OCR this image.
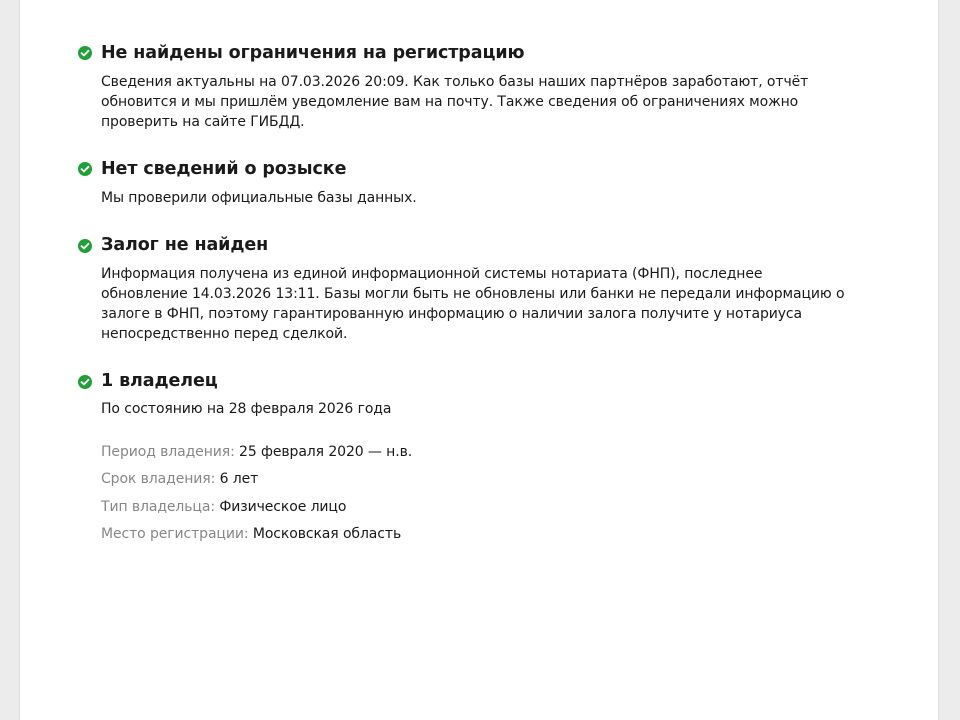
Не найдены ограничения на регистрацию
Сведения актуальны на 07.03.2026 20:09. Как только базы наших партнёров заработают, отчёт
обновится и мы пришлём уведомление вам на почту. Также сведения об ограничениях можно
проверить на сайте ГИБДД.
Нет сведений о розыске
Мы проверили официальные базы данных.
Залог не найден
Информация получена из единой информационной системы нотариата (ФНП), последнее
обновление 14.03.2026 13:11. Базы могли быть не обновлены или банки не передали информацию о
залоге в ФНП, поэтому гарантированную информацию о наличии залога получите у нотариуса
непосредственно перед сделкой.
1 владелец
По состоянию на 28 февраля 2026 года
Период владения: 25 февраля 2020 — н.в.
Срок владения: 6 лет
Тип владельца: Физическое лицо
Место регистрации: Московская область
